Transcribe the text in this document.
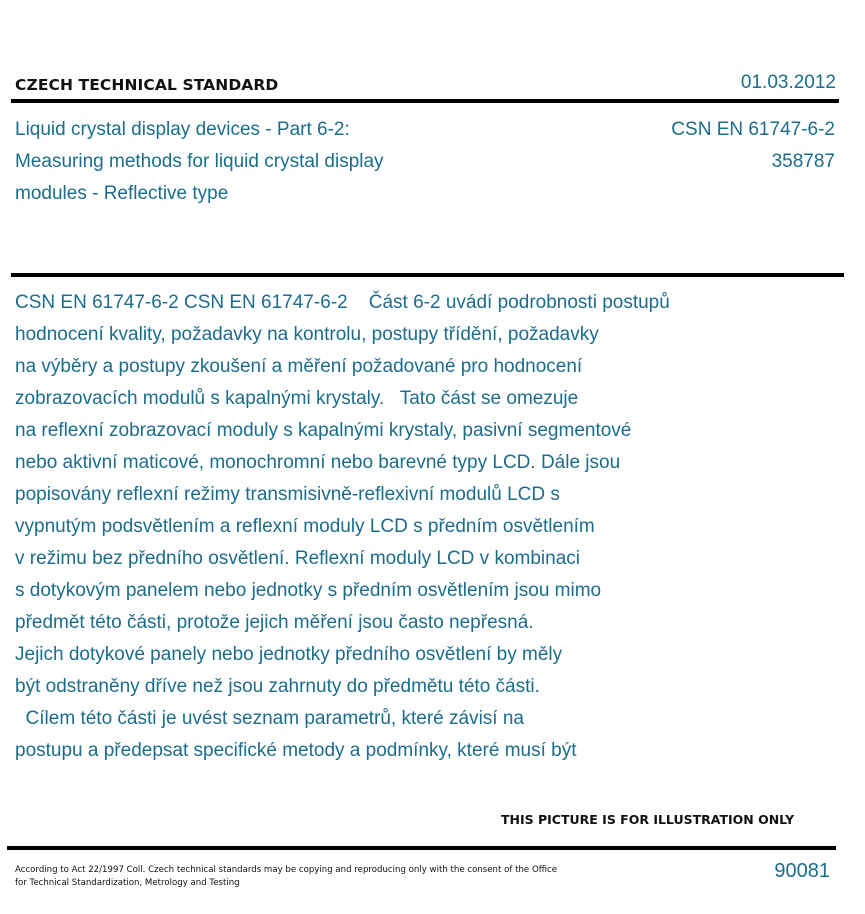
CZECH TECHNICAL STANDARD	01.03.2012
Liquid crystal display devices - Part 6-2:
Measuring methods for liquid crystal display
modules - Reflective type
CSN EN 61747-6-2
358787
CSN EN 61747-6-2 CSN EN 61747-6-2    Část 6-2 uvádí podrobnosti postupů
hodnocení kvality, požadavky na kontrolu, postupy třídění, požadavky
na výběry a postupy zkoušení a měření požadované pro hodnocení
zobrazovacích modulů s kapalnými krystaly.   Tato část se omezuje
na reflexní zobrazovací moduly s kapalnými krystaly, pasivní segmentové
nebo aktivní maticové, monochromní nebo barevné typy LCD. Dále jsou
popisovány reflexní režimy transmisivně-reflexivní modulů LCD s
vypnutým podsvětlením a reflexní moduly LCD s předním osvětlením
v režimu bez předního osvětlení. Reflexní moduly LCD v kombinaci
s dotykovým panelem nebo jednotky s předním osvětlením jsou mimo
předmět této části, protože jejich měření jsou často nepřesná.
Jejich dotykové panely nebo jednotky předního osvětlení by měly
být odstraněny dříve než jsou zahrnuty do předmětu této části.
Cílem této části je uvést seznam parametrů, které závisí na
postupu a předepsat specifické metody a podmínky, které musí být
THIS PICTURE IS FOR ILLUSTRATION ONLY
According to Act 22/1997 Coll. Czech technical standards may be copying and reproducing only with the consent of the Office
for Technical Standardization, Metrology and Testing
90081
